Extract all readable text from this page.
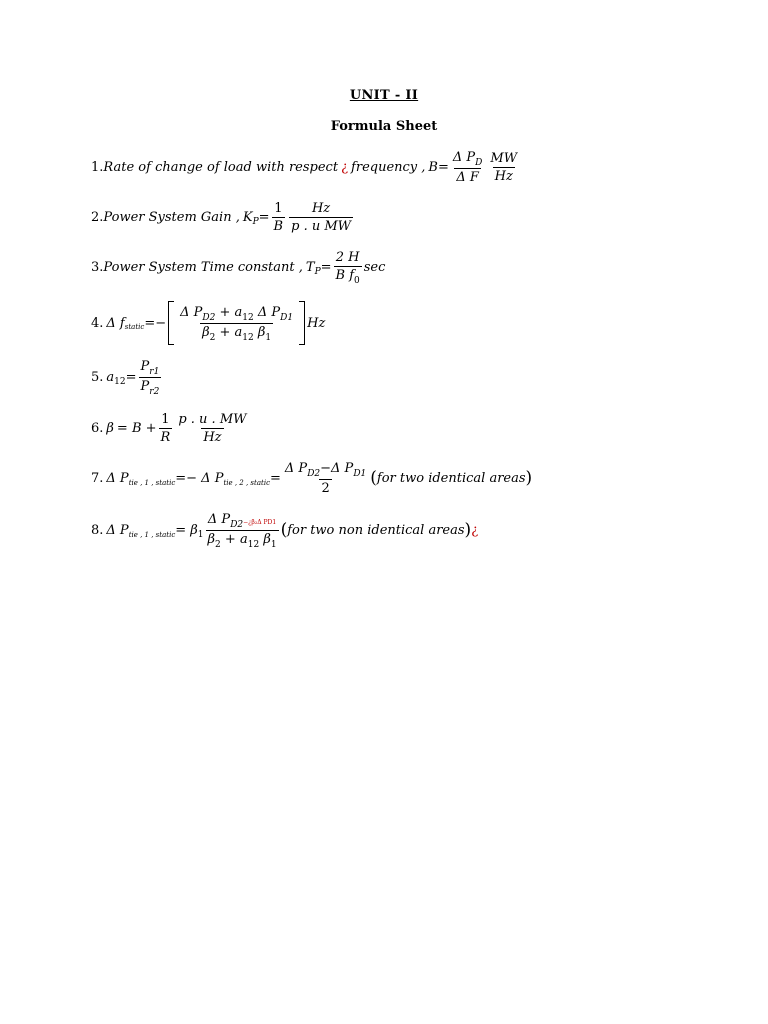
UNIT - II
Formula Sheet
1. Rate of change of load with respect ¿ frequency , $B = \frac{\Delta P_D}{\text{Δ F}} \frac{MW}{Hz}$
2. Power System Gain , K $P = \frac{1}{B} \frac{Hz}{\text{p . u MW}}$
3. Power System Time constant , T $P = \frac{2 H}{B f_0}$ sec
4. Δ f static =− $\frac{\Delta P_{D2} + a_{12} \Delta P_{D1}}{\beta_2 + a_{12} \beta_1}$ Hz
5. a $12 = \frac{P_{r1}}{P_{r2}}$
6. $\beta = B + \frac{1}{R} \frac{p . u . MW}{Hz}$
7. Δ P tie , 1 , static =− Δ P tie , 2 , static = $\frac{\Delta P_{D2}-\Delta P_{D1}}{2}$ ( for two identical areas )
8. Δ P tie , 1 , static = β $1 \frac{\Delta P_{D2}-¿\beta_2\Delta PD1}{\beta_2 + a_{12} \beta_1}$ ( for two non identical areas ) ¿
